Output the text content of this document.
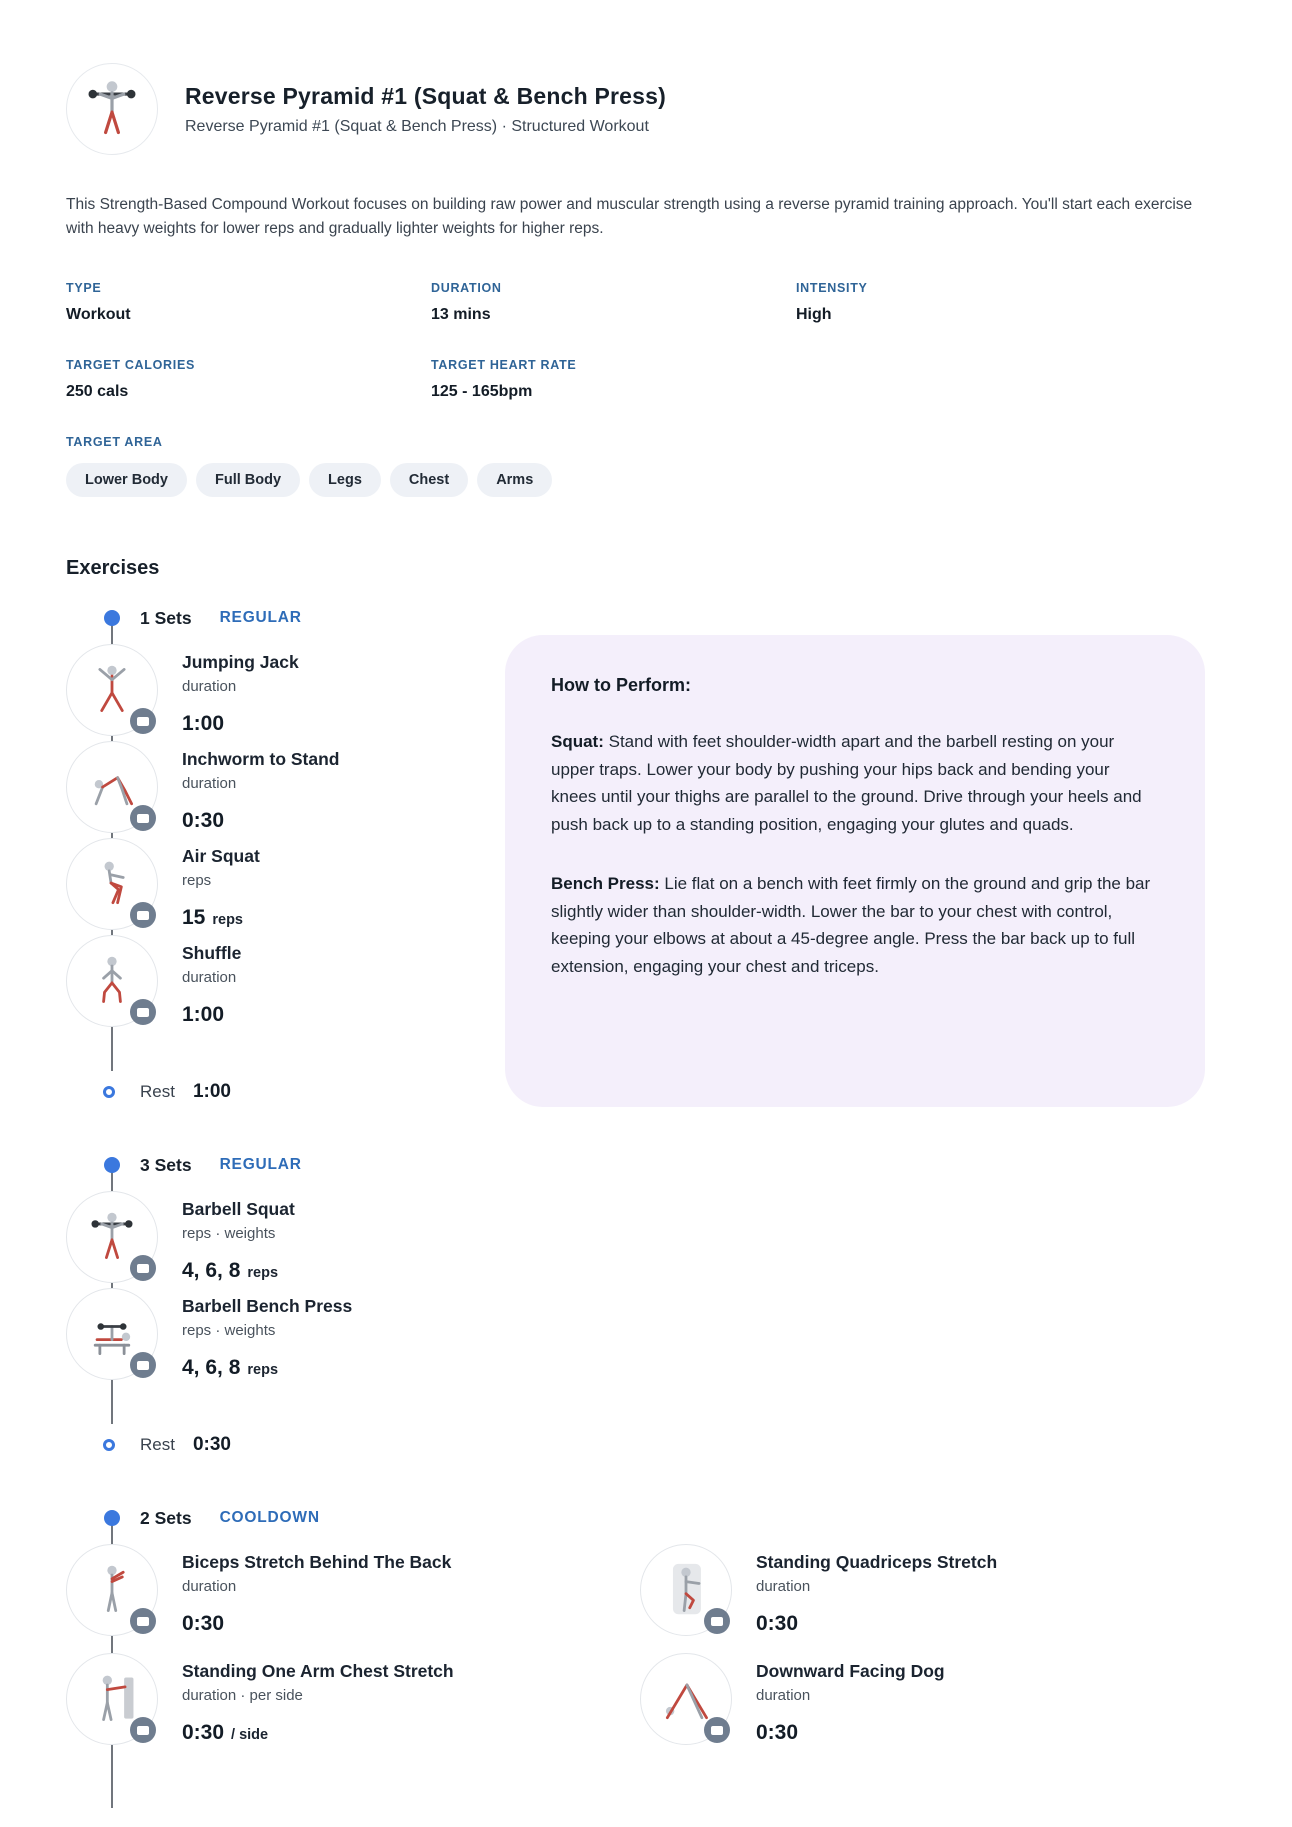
Reverse Pyramid #1 (Squat & Bench Press)
Reverse Pyramid #1 (Squat & Bench Press) · Structured Workout
This Strength-Based Compound Workout focuses on building raw power and muscular strength using a reverse pyramid training approach. You'll start each exercise with heavy weights for lower reps and gradually lighter weights for higher reps.
TYPE
Workout
DURATION
13 mins
INTENSITY
High
TARGET CALORIES
250 cals
TARGET HEART RATE
125 - 165bpm
TARGET AREA
Lower Body	Full Body	Legs	Chest	Arms
Exercises
1 Sets REGULAR
Jumping Jack
duration
1:00
Inchworm to Stand
duration
0:30
Air Squat
reps
15 reps
Shuffle
duration
1:00
Rest 1:00
3 Sets REGULAR
Barbell Squat
reps · weights
4, 6, 8 reps
Barbell Bench Press
reps · weights
4, 6, 8 reps
Rest 0:30
2 Sets COOLDOWN
Biceps Stretch Behind The Back
duration
0:30
Standing Quadriceps Stretch
duration
0:30
Standing One Arm Chest Stretch
duration · per side
0:30 / side
Downward Facing Dog
duration
0:30
How to Perform:
Squat: Stand with feet shoulder-width apart and the barbell resting on your upper traps. Lower your body by pushing your hips back and bending your knees until your thighs are parallel to the ground. Drive through your heels and push back up to a standing position, engaging your glutes and quads.
Bench Press: Lie flat on a bench with feet firmly on the ground and grip the bar slightly wider than shoulder-width. Lower the bar to your chest with control, keeping your elbows at about a 45-degree angle. Press the bar back up to full extension, engaging your chest and triceps.
